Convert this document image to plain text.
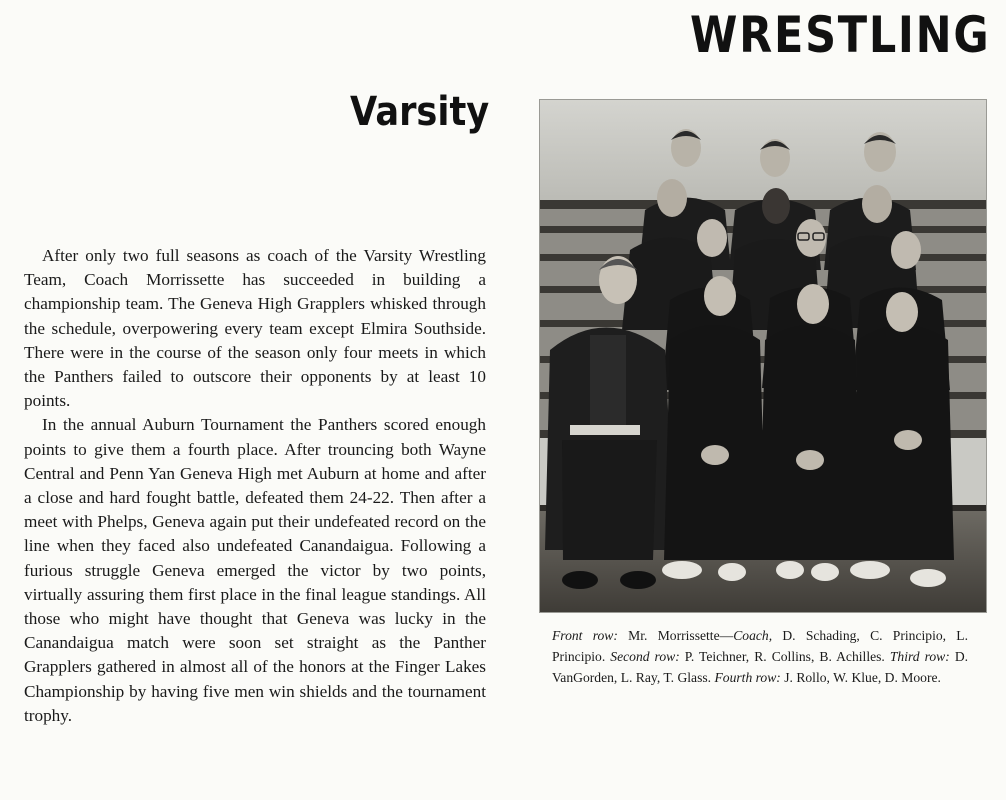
WRESTLING
Varsity

After only two full seasons as coach of the Varsity Wrestling Team, Coach Morrissette has succeeded in building a championship team. The Geneva High Grapplers whisked through the schedule, overpowering every team except Elmira Southside. There were in the course of the season only four meets in which the Panthers failed to outscore their opponents by at least 10 points.

In the annual Auburn Tournament the Panthers scored enough points to give them a fourth place. After trouncing both Wayne Central and Penn Yan Geneva High met Auburn at home and after a close and hard fought battle, defeated them 24-22. Then after a meet with Phelps, Geneva again put their undefeated record on the line when they faced also undefeated Canandaigua. Following a furious struggle Geneva emerged the victor by two points, virtually assuring them first place in the final league standings. All those who might have thought that Geneva was lucky in the Canandaigua match were soon set straight as the Panther Grapplers gathered in almost all of the honors at the Finger Lakes Championship by having five men win shields and the tournament trophy.

Front row: Mr. Morrissette—Coach, D. Schading, C. Principio, L. Principio. Second row: P. Teichner, R. Collins, B. Achilles. Third row: D. VanGorden, L. Ray, T. Glass. Fourth row: J. Rollo, W. Klue, D. Moore.
